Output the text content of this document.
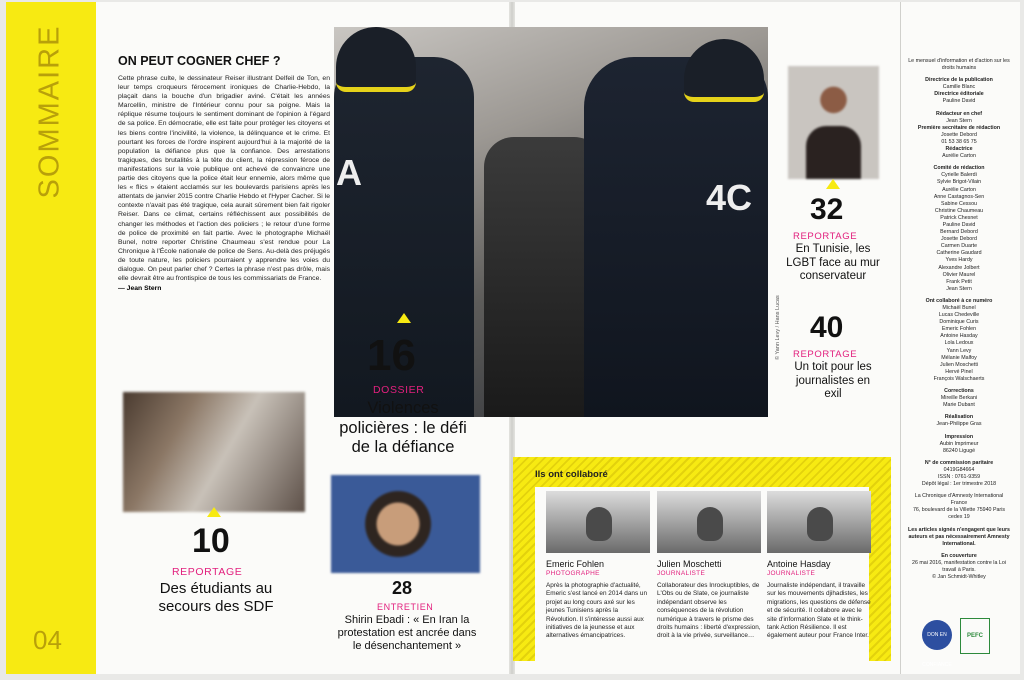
SOMMAIRE
04
ON PEUT COGNER CHEF ?

Cette phrase culte, le dessinateur Reiser illustrant Delfeil de Ton, en leur temps croqueurs férocement ironiques de Charlie-Hebdo, la plaçait dans la bouche d'un brigadier aviné. C'était les années Marcellin, ministre de l'Intérieur connu pour sa poigne. Mais la réplique résume toujours le sentiment dominant de l'opinion à l'égard de sa police. En démocratie, elle est faite pour protéger les citoyens et les biens contre l'incivilité, la violence, la délinquance et le crime. Et pourtant les forces de l'ordre inspirent aujourd'hui à la majorité de la population la défiance plus que la confiance. Des arrestations tragiques, des brutalités à la tête du client, la répression féroce de manifestations sur la voie publique ont achevé de convaincre une partie des citoyens que la police était leur ennemie, alors même que les « flics » étaient acclamés sur les boulevards parisiens après les attentats de janvier 2015 contre Charlie Hebdo et l'Hyper Cacher. Si le contexte n'avait pas été tragique, cela aurait sûrement bien fait rigoler Reiser. Dans ce climat, certains réfléchissent aux possibilités de changer les méthodes et l'action des policiers ; le retour d'une forme de police de proximité en fait partie. Avec le photographe Michaël Bunel, notre reporter Christine Chaumeau s'est rendue pour La Chronique à l'École nationale de police de Sens. Au-delà des préjugés de toute nature, les policiers pourraient y apprendre les voies du dialogue. On peut parler chef ? Certes la phrase n'est pas drôle, mais elle devrait être au frontispice de tous les commissariats de France.

— Jean Stern
A
4C
© Yann Levy / Hans Lucas
16
DOSSIER
Violences policières : le défi de la défiance
10
REPORTAGE
Des étudiants au secours des SDF
28
ENTRETIEN
Shirin Ebadi : « En Iran la protestation est ancrée dans le désenchantement »
32
REPORTAGE
En Tunisie, les LGBT face au mur conservateur
40
REPORTAGE
Un toit pour les journalistes en exil
Ils ont collaboré
Emeric Fohlen
PHOTOGRAPHE
Après la photographie d'actualité, Emeric s'est lancé en 2014 dans un projet au long cours axé sur les jeunes Tunisiens après la Révolution. Il s'intéresse aussi aux initiatives de la jeunesse et aux alternatives émancipatrices.
Julien Moschetti
JOURNALISTE
Collaborateur des Inrockuptibles, de L'Obs ou de Slate, ce journaliste indépendant observe les conséquences de la révolution numérique à travers le prisme des droits humains : liberté d'expression, droit à la vie privée, surveillance…
Antoine Hasday
JOURNALISTE
Journaliste indépendant, il travaille sur les mouvements djihadistes, les migrations, les questions de défense et de sécurité. Il collabore avec le site d'information Slate et le think-tank Action Résilience. Il est également auteur pour France Inter.
Le mensuel d'information et d'action sur les droits humains
Directrice de la publication
Camille Blanc
Directrice éditoriale
Pauline David
Rédacteur en chef
Jean Stern
Première secrétaire de rédaction
Josette Debord
01 53 38 65 75
Rédactrice
Aurélie Carton
Comité de rédaction
Cyrielle Balerdi
Sylvie Brigot-Vilain
Aurélie Carton
Anne Castagnos-Sen
Sabine Cessou
Christine Chaumeau
Patrick Chesnet
Pauline David
Bernard Debord
Josette Debord
Carmen Duarte
Catherine Gaudard
Yves Hardy
Alexandre Jolbert
Olivier Maurel
Frank Petit
Jean Stern
Ont collaboré à ce numéro
Michaël Bunel
Lucas Chedeville
Dominique Curis
Emeric Fohlen
Antoine Hasday
Lola Ledoux
Yann Levy
Mélanie Malfoy
Julien Moschetti
Hervé Pinel
François Walschaerts
Corrections
Mireille Berkani
Marie Dubant
Réalisation
Jean-Philippe Gras
Impression
Aubin Imprimeur
86240 Ligugé
N° de commission paritaire
0419G84664
ISSN : 0761-9359
Dépôt légal : 1er trimestre 2018
La Chronique d'Amnesty International France
76, boulevard de la Villette 75940 Paris cedex 19
Les articles signés n'engagent que leurs auteurs et pas nécessairement Amnesty International.
En couverture
26 mai 2016, manifestation contre la Loi travail à Paris.
© Jan Schmidt-Whitley
DON EN CONFIANCE
PEFC
